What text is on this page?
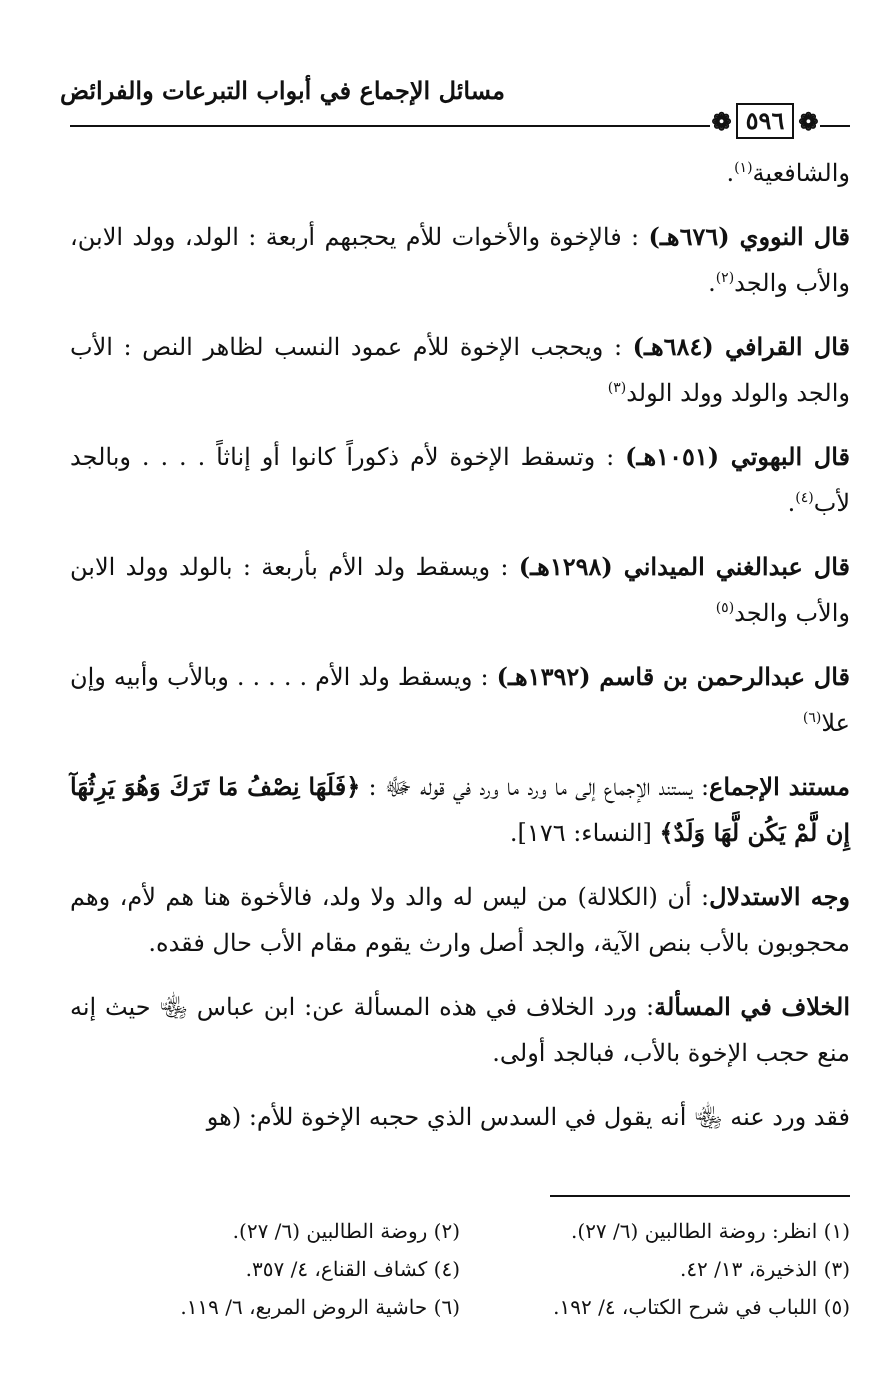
مسائل الإجماع في أبواب التبرعات والفرائض
❁
٥٩٦
❁

والشافعية$^{(١)}$.

قال النووي (٦٧٦هـ) : فالإخوة والأخوات للأم يحجبهم أربعة : الولد، وولد الابن، والأب والجد$^{(٢)}$.

قال القرافي (٦٨٤هـ) : ويحجب الإخوة للأم عمود النسب لظاهر النص : الأب والجد والولد وولد الولد$^{(٣)}$

قال البهوتي (١٠٥١هـ) : وتسقط الإخوة لأم ذكوراً كانوا أو إناثاً . . . . وبالجد لأب$^{(٤)}$.

قال عبدالغني الميداني (١٢٩٨هـ) : ويسقط ولد الأم بأربعة : بالولد وولد الابن والأب والجد$^{(٥)}$

قال عبدالرحمن بن قاسم (١٣٩٢هـ) : ويسقط ولد الأم . . . . . وبالأب وأبيه وإن علا$^{(٦)}$

مستند الإجماع: يستند الإجماع إلى ما ورد ما ورد في قوله ﷻ : ﴿فَلَهَا نِصْفُ مَا تَرَكَ وَهُوَ يَرِثُهَآ إِن لَّمْ يَكُن لَّهَا وَلَدٌ﴾ [النساء: ١٧٦].

وجه الاستدلال: أن (الكلالة) من ليس له والد ولا ولد، فالأخوة هنا هم لأم، وهم محجوبون بالأب بنص الآية، والجد أصل وارث يقوم مقام الأب حال فقده.

الخلاف في المسألة: ورد الخلاف في هذه المسألة عن: ابن عباس ﵄ حيث إنه منع حجب الإخوة بالأب، فبالجد أولى.

فقد ورد عنه ﵄ أنه يقول في السدس الذي حجبه الإخوة للأم: (هو

(١) انظر: روضة الطالبين (٦/ ٢٧).
(٢) روضة الطالبين (٦/ ٢٧).
(٣) الذخيرة، ١٣/ ٤٢.
(٤) كشاف القناع، ٤/ ٣٥٧.
(٥) اللباب في شرح الكتاب، ٤/ ١٩٢.
(٦) حاشية الروض المربع، ٦/ ١١٩.
